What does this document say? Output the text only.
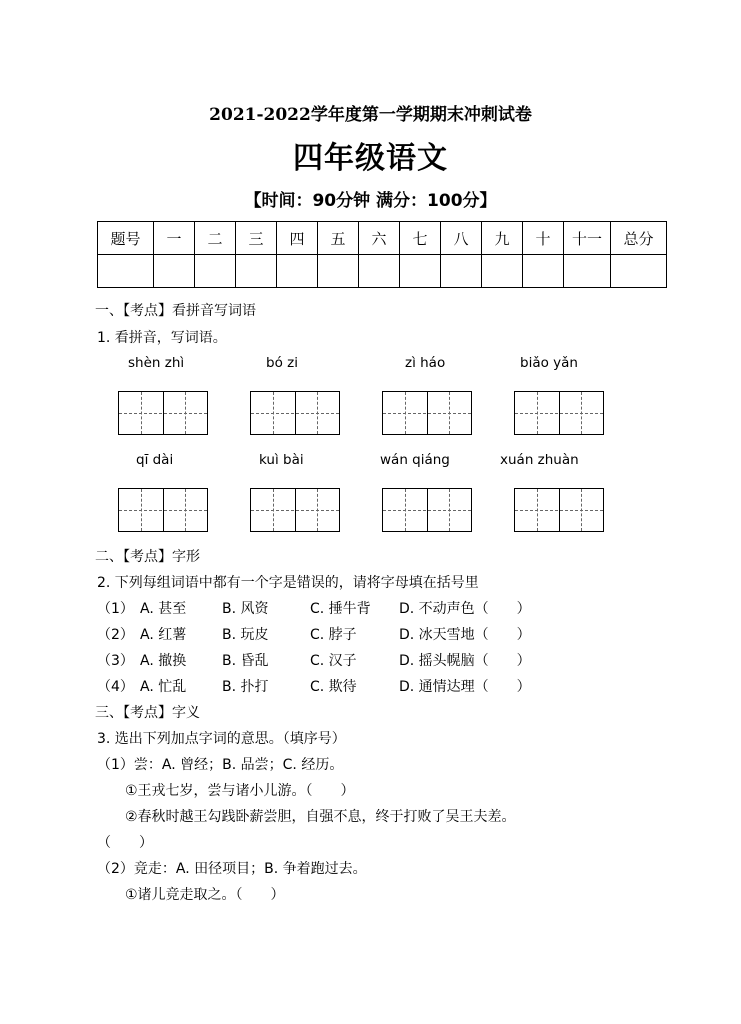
2021-2022学年度第一学期期末冲刺试卷
四年级语文
【时间：90分钟 满分：100分】
题号	一	二	三	四	五	六	七	八	九	十	十一	总分

一、【考点】看拼音写词语
1. 看拼音，写词语。
shèn zhì	bó zi	zì háo	biǎo yǎn
qī dài	kuì bài	wán qiáng	xuán zhuàn
二、【考点】字形
2. 下列每组词语中都有一个字是错误的，请将字母填在括号里
（1） A. 甚至	B. 风资	C. 捶牛背 D. 不动声色（　　）
（2） A. 红薯	B. 玩皮	C. 脖子	D. 冰天雪地（　　）
（3） A. 撤换	B. 昏乱	C. 汉子	D. 摇头幌脑（　　）
（4） A. 忙乱	B. 扑打	C. 欺待	D. 通情达理（　　）
三、【考点】字义
3. 选出下列加点字词的意思。（填序号）
（1）尝：A. 曾经；B. 品尝；C. 经历。
①王戎七岁，尝与诸小儿游。（　　）
②春秋时越王勾践卧薪尝胆，自强不息，终于打败了吴王夫差。
（　　）
（2）竞走：A. 田径项目；B. 争着跑过去。
①诸儿竞走取之。（　　）
